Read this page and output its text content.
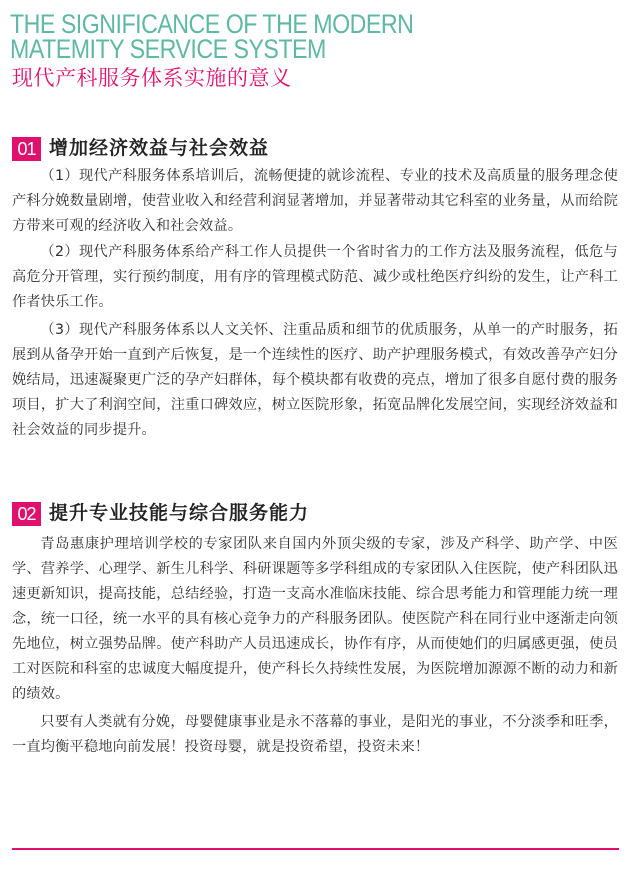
THE SIGNIFICANCE OF THE MODERN
MATEMITY SERVICE SYSTEM
现代产科服务体系实施的意义
01 增加经济效益与社会效益

（1）现代产科服务体系培训后，流畅便捷的就诊流程、专业的技术及高质量的服务理念使产科分娩数量剧增，使营业收入和经营利润显著增加，并显著带动其它科室的业务量，从而给院方带来可观的经济收入和社会效益。

（2）现代产科服务体系给产科工作人员提供一个省时省力的工作方法及服务流程，低危与高危分开管理，实行预约制度，用有序的管理模式防范、减少或杜绝医疗纠纷的发生，让产科工作者快乐工作。

（3）现代产科服务体系以人文关怀、注重品质和细节的优质服务，从单一的产时服务，拓展到从备孕开始一直到产后恢复，是一个连续性的医疗、助产护理服务模式，有效改善孕产妇分娩结局，迅速凝聚更广泛的孕产妇群体，每个模块都有收费的亮点，增加了很多自愿付费的服务项目，扩大了利润空间，注重口碑效应，树立医院形象，拓宽品牌化发展空间，实现经济效益和社会效益的同步提升。

02 提升专业技能与综合服务能力

青岛惠康护理培训学校的专家团队来自国内外顶尖级的专家，涉及产科学、助产学、中医学、营养学、心理学、新生儿科学、科研课题等多学科组成的专家团队入住医院，使产科团队迅速更新知识，提高技能，总结经验，打造一支高水准临床技能、综合思考能力和管理能力统一理念，统一口径，统一水平的具有核心竞争力的产科服务团队。使医院产科在同行业中逐渐走向领先地位，树立强势品牌。使产科助产人员迅速成长，协作有序，从而使她们的归属感更强，使员工对医院和科室的忠诚度大幅度提升，使产科长久持续性发展，为医院增加源源不断的动力和新的绩效。

只要有人类就有分娩，母婴健康事业是永不落幕的事业，是阳光的事业，不分淡季和旺季，一直均衡平稳地向前发展！投资母婴，就是投资希望，投资未来！
